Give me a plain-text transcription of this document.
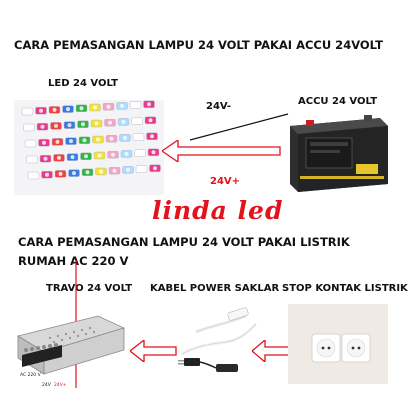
CARA PEMASANGAN LAMPU 24 VOLT PAKAI ACCU 24VOLT
LED 24 VOLT
24V-
24V+
ACCU 24 VOLT
linda led
CARA PEMASANGAN LAMPU 24 VOLT PAKAI LISTRIK
RUMAH AC 220 V
TRAVO 24 VOLT KABEL POWER SAKLAR STOP KONTAK LISTRIK
AC 220 V
24V 24V+
